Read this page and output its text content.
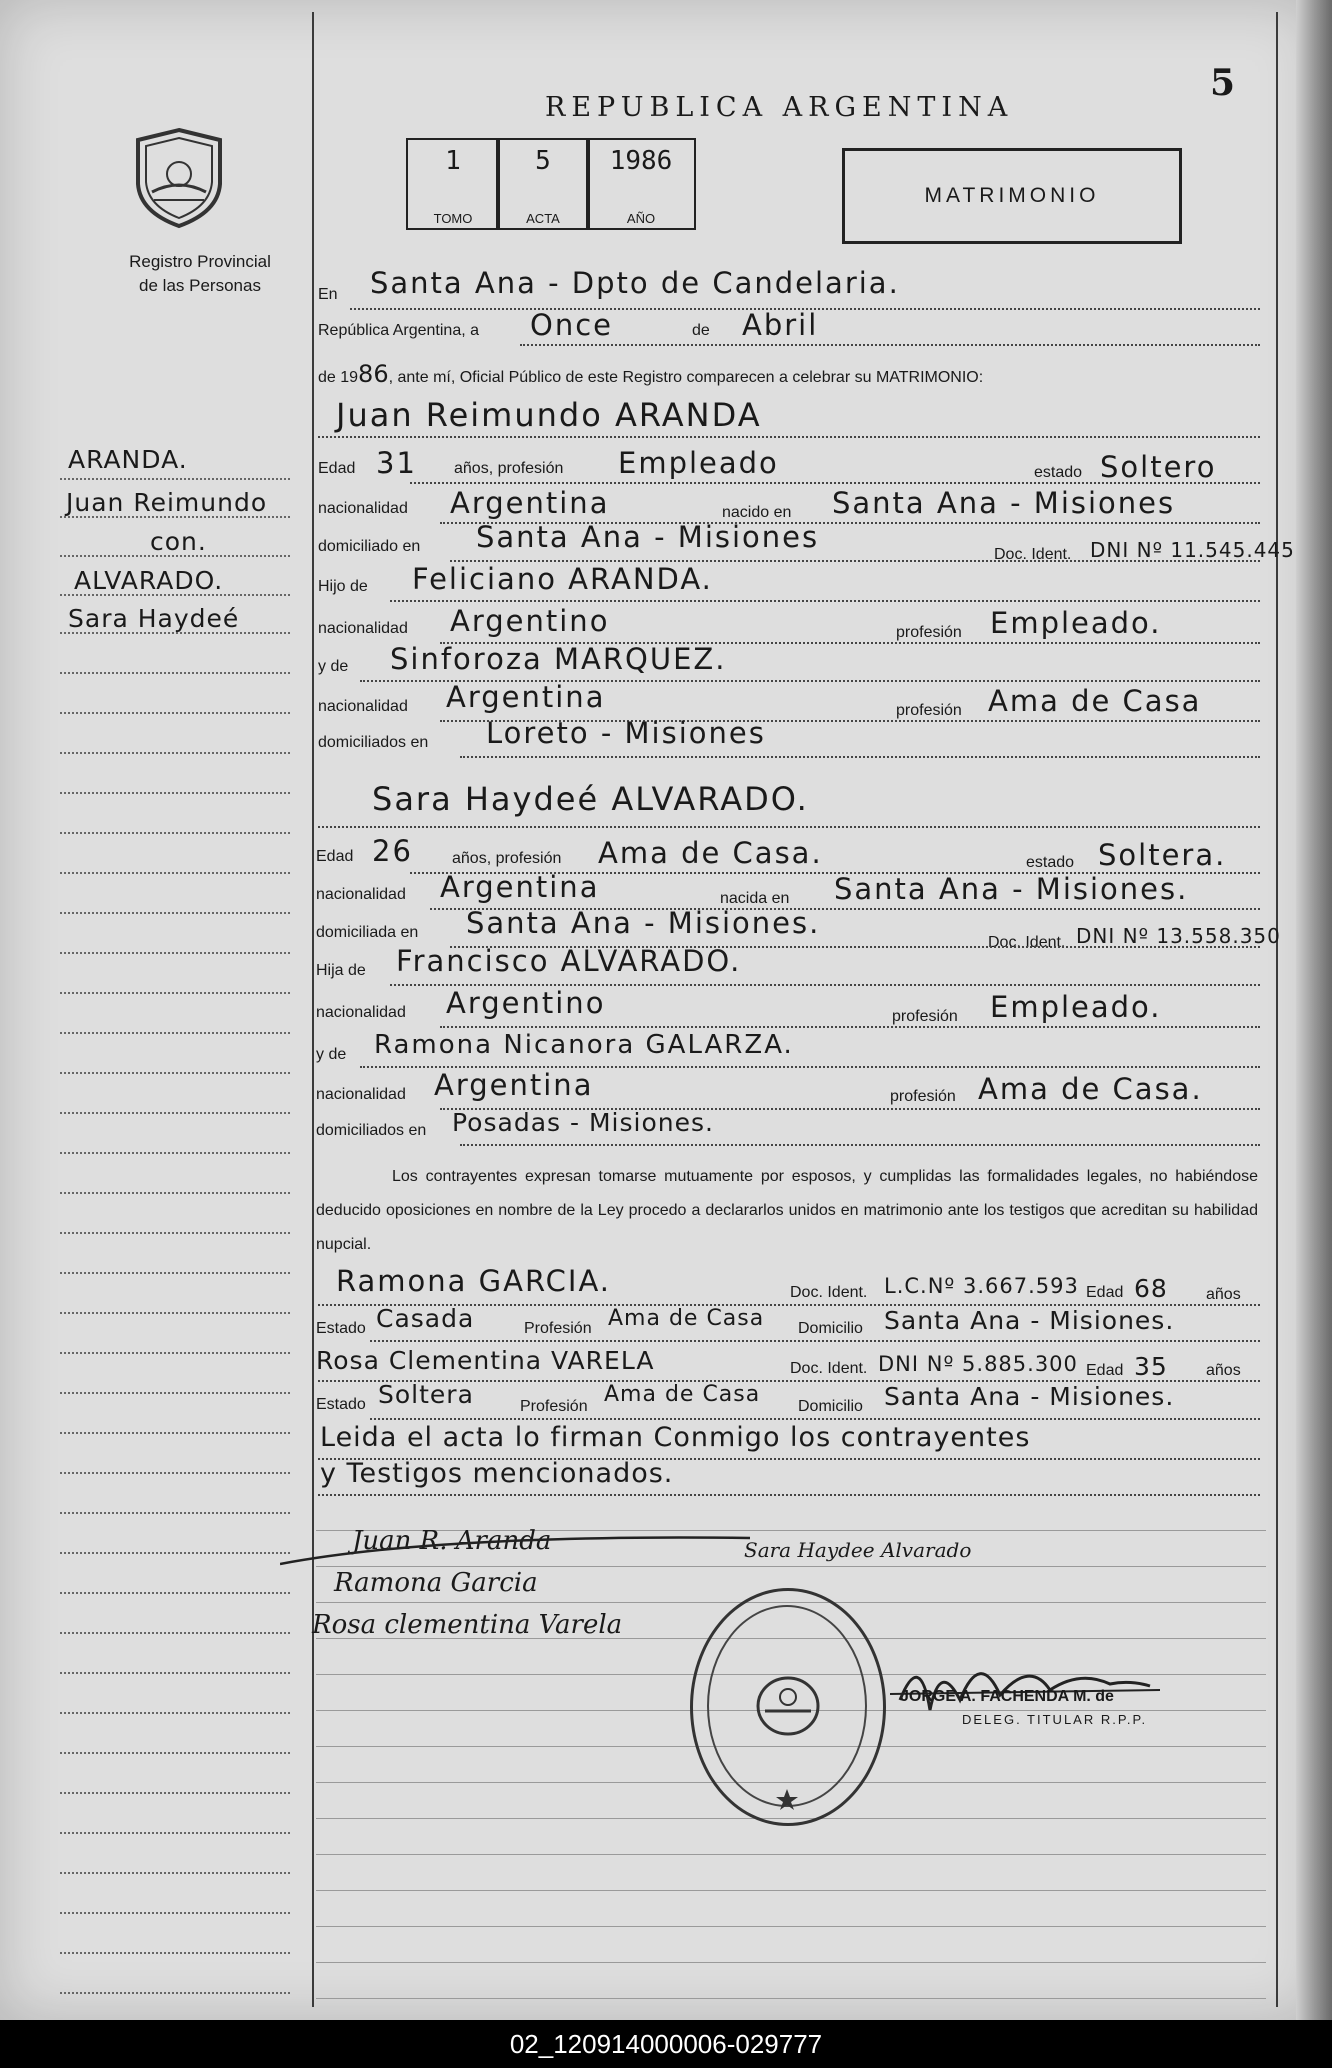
5
REPUBLICA ARGENTINA
Registro Provincial
de las Personas
1
TOMO
5
ACTA
1986
AÑO
MATRIMONIO
ARANDA.
Juan Reimundo
con.
ALVARADO.
Sara Haydeé
En Santa Ana - Dpto de Candelaria.
República Argentina, a Once	de Abril
de 1986, ante mí, Oficial Público de este Registro comparecen a celebrar su MATRIMONIO:
Juan Reimundo ARANDA
Edad 31 años, profesión Empleado	estado Soltero
nacionalidad Argentina	nacido en Santa Ana - Misiones
domiciliado en Santa Ana - Misiones
Doc. Ident. DNI Nº 11.545.445
Hijo de Feliciano ARANDA.
nacionalidad Argentino	profesión Empleado.
y de Sinforoza MARQUEZ.
nacionalidad Argentina	profesión Ama de Casa
domiciliados en Loreto - Misiones
Sara Haydeé ALVARADO.
Edad 26 años, profesión Ama de Casa.	estado Soltera.
nacionalidad Argentina	nacida en Santa Ana - Misiones.
domiciliada en Santa Ana - Misiones.
Doc. Ident. DNI Nº 13.558.350
Hija de Francisco ALVARADO.
nacionalidad Argentino	profesión Empleado.
y de Ramona Nicanora GALARZA.
nacionalidad Argentina	profesión Ama de Casa.
domiciliados en Posadas - Misiones.
Los contrayentes expresan tomarse mutuamente por esposos, y cumplidas las formalidades legales, no habiéndose deducido oposiciones en nombre de la Ley procedo a declararlos unidos en matrimonio ante los testigos que acreditan su habilidad nupcial.
Ramona GARCIA.	Doc. Ident. L.C.Nº 3.667.593 Edad 68 años
Estado Casada	Profesión Ama de Casa Domicilio Santa Ana - Misiones.
Rosa Clementina VARELA	Doc. Ident. DNI Nº 5.885.300 Edad 35 años
Estado Soltera	Profesión Ama de Casa Domicilio Santa Ana - Misiones.
Leida el acta lo firman Conmigo los contrayentes
y Testigos mencionados.
Juan R. Aranda	Sara Haydee Alvarado
Ramona Garcia
Rosa clementina Varela
JORGE A. FACHENDA M. de
DELEG. TITULAR R.P.P.
02_120914000006-029777
